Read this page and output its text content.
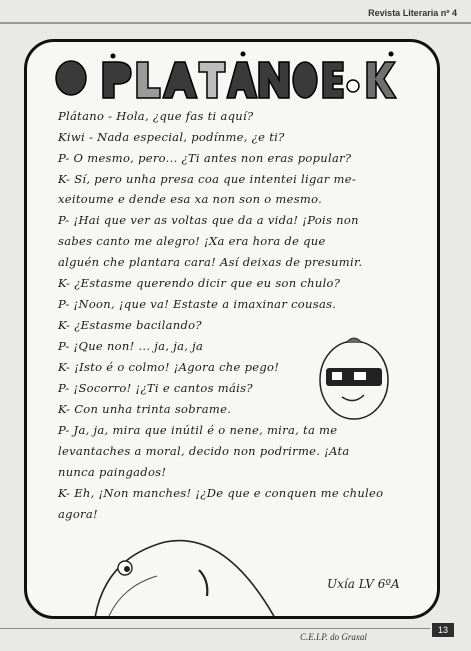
Revista Literaria nº 4
Plátano - Hola, ¿que fas ti aquí?
Kiwi - Nada especial, podínme, ¿e ti?
P- O mesmo, pero... ¿Ti antes non eras popular?
K- Sí, pero unha presa coa que intentei ligar me-
xeitoume e dende esa xa non son o mesmo.
P- ¡Hai que ver as voltas que da a vida! ¡Pois non
sabes canto me alegro! ¡Xa era hora de que
alguén che plantara cara! Así deixas de presumir.
K- ¿Estasme querendo dicir que eu son chulo?
P- ¡Noon, ¡que va! Estaste a imaxinar cousas.
K- ¿Estasme bacilando?
P- ¡Que non! ... ja, ja, ja
K- ¡Isto é o colmo! ¡Agora che pego!
P- ¡Socorro! ¡¿Ti e cantos máis?
K- Con unha trinta sobrame.
P- Ja, ja, mira que inútil é o nene, mira, ta me
levantaches a moral, decido non podrirme. ¡Ata
nunca paingados!
K- Eh, ¡Non manches! ¡¿De que e conquen me chuleo
agora!
Uxía LV 6ºA
C.E.I.P. do Graxal
13
